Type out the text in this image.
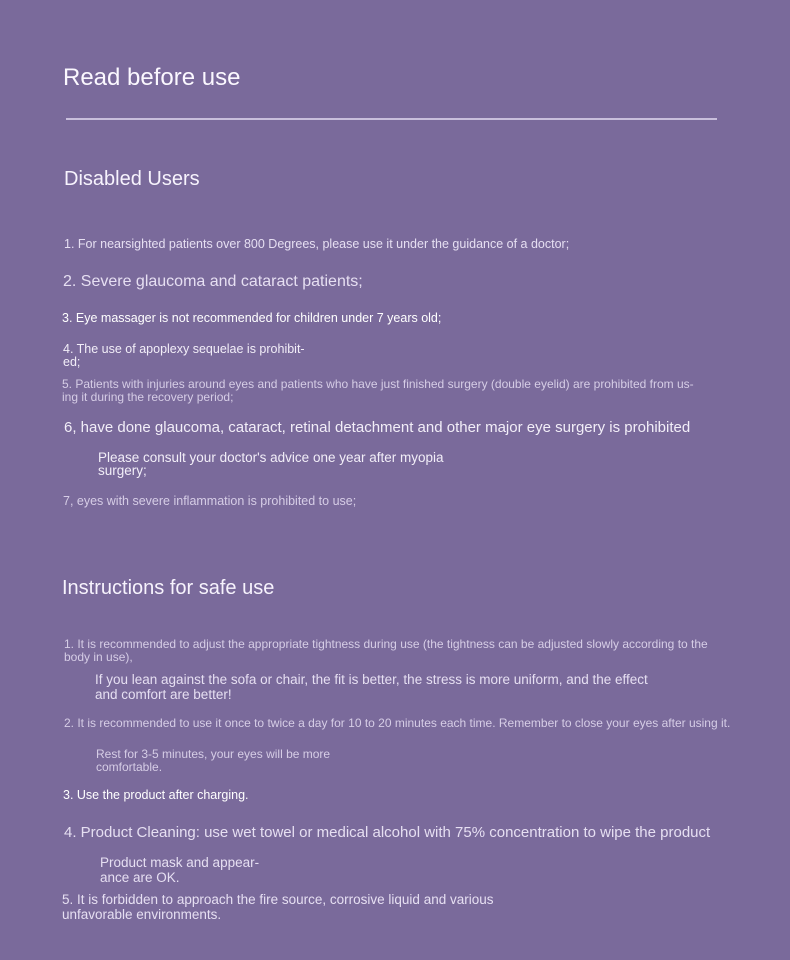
Read before use
Disabled Users

1. For nearsighted patients over 800 Degrees, please use it under the guidance of a doctor;

2. Severe glaucoma and cataract patients;

3. Eye massager is not recommended for children under 7 years old;

4. The use of apoplexy sequelae is prohibit-
ed;

5. Patients with injuries around eyes and patients who have just finished surgery (double eyelid) are prohibited from us-
ing it during the recovery period;

6, have done glaucoma, cataract, retinal detachment and other major eye surgery is prohibited

Please consult your doctor's advice one year after myopia
surgery;

7, eyes with severe inflammation is prohibited to use;

Instructions for safe use

1. It is recommended to adjust the appropriate tightness during use (the tightness can be adjusted slowly according to the
body in use),

If you lean against the sofa or chair, the fit is better, the stress is more uniform, and the effect
and comfort are better!

2. It is recommended to use it once to twice a day for 10 to 20 minutes each time. Remember to close your eyes after using it.

Rest for 3-5 minutes, your eyes will be more
comfortable.

3. Use the product after charging.

4. Product Cleaning: use wet towel or medical alcohol with 75% concentration to wipe the product

Product mask and appear-
ance are OK.

5. It is forbidden to approach the fire source, corrosive liquid and various
unfavorable environments.
